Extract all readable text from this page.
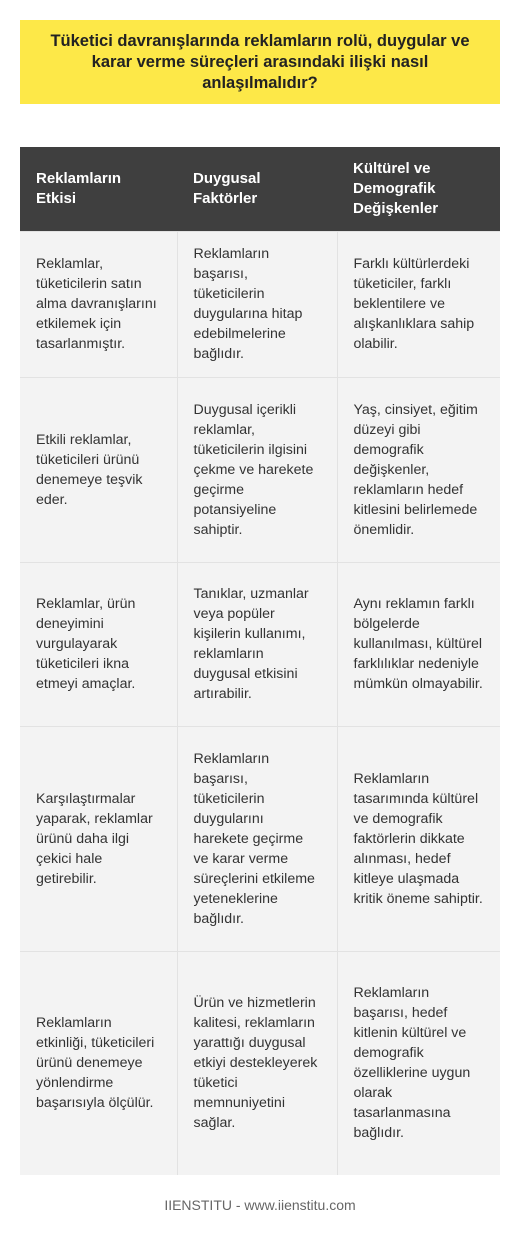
Tüketici davranışlarında reklamların rolü, duygular ve karar verme süreçleri arasındaki ilişki nasıl anlaşılmalıdır?
Reklamların Etkisi	Duygusal Faktörler	Kültürel ve Demografik Değişkenler
Reklamlar, tüketicilerin satın alma davranışlarını etkilemek için tasarlanmıştır.	Reklamların başarısı, tüketicilerin duygularına hitap edebilmelerine bağlıdır.	Farklı kültürlerdeki tüketiciler, farklı beklentilere ve alışkanlıklara sahip olabilir.
Etkili reklamlar, tüketicileri ürünü denemeye teşvik eder.	Duygusal içerikli reklamlar, tüketicilerin ilgisini çekme ve harekete geçirme potansiyeline sahiptir.	Yaş, cinsiyet, eğitim düzeyi gibi demografik değişkenler, reklamların hedef kitlesini belirlemede önemlidir.
Reklamlar, ürün deneyimini vurgulayarak tüketicileri ikna etmeyi amaçlar.	Tanıklar, uzmanlar veya popüler kişilerin kullanımı, reklamların duygusal etkisini artırabilir.	Aynı reklamın farklı bölgelerde kullanılması, kültürel farklılıklar nedeniyle mümkün olmayabilir.
Karşılaştırmalar yaparak, reklamlar ürünü daha ilgi çekici hale getirebilir.	Reklamların başarısı, tüketicilerin duygularını harekete geçirme ve karar verme süreçlerini etkileme yeteneklerine bağlıdır.	Reklamların tasarımında kültürel ve demografik faktörlerin dikkate alınması, hedef kitleye ulaşmada kritik öneme sahiptir.
Reklamların etkinliği, tüketicileri ürünü denemeye yönlendirme başarısıyla ölçülür.	Ürün ve hizmetlerin kalitesi, reklamların yarattığı duygusal etkiyi destekleyerek tüketici memnuniyetini sağlar.	Reklamların başarısı, hedef kitlenin kültürel ve demografik özelliklerine uygun olarak tasarlanmasına bağlıdır.
IIENSTITU - www.iienstitu.com
